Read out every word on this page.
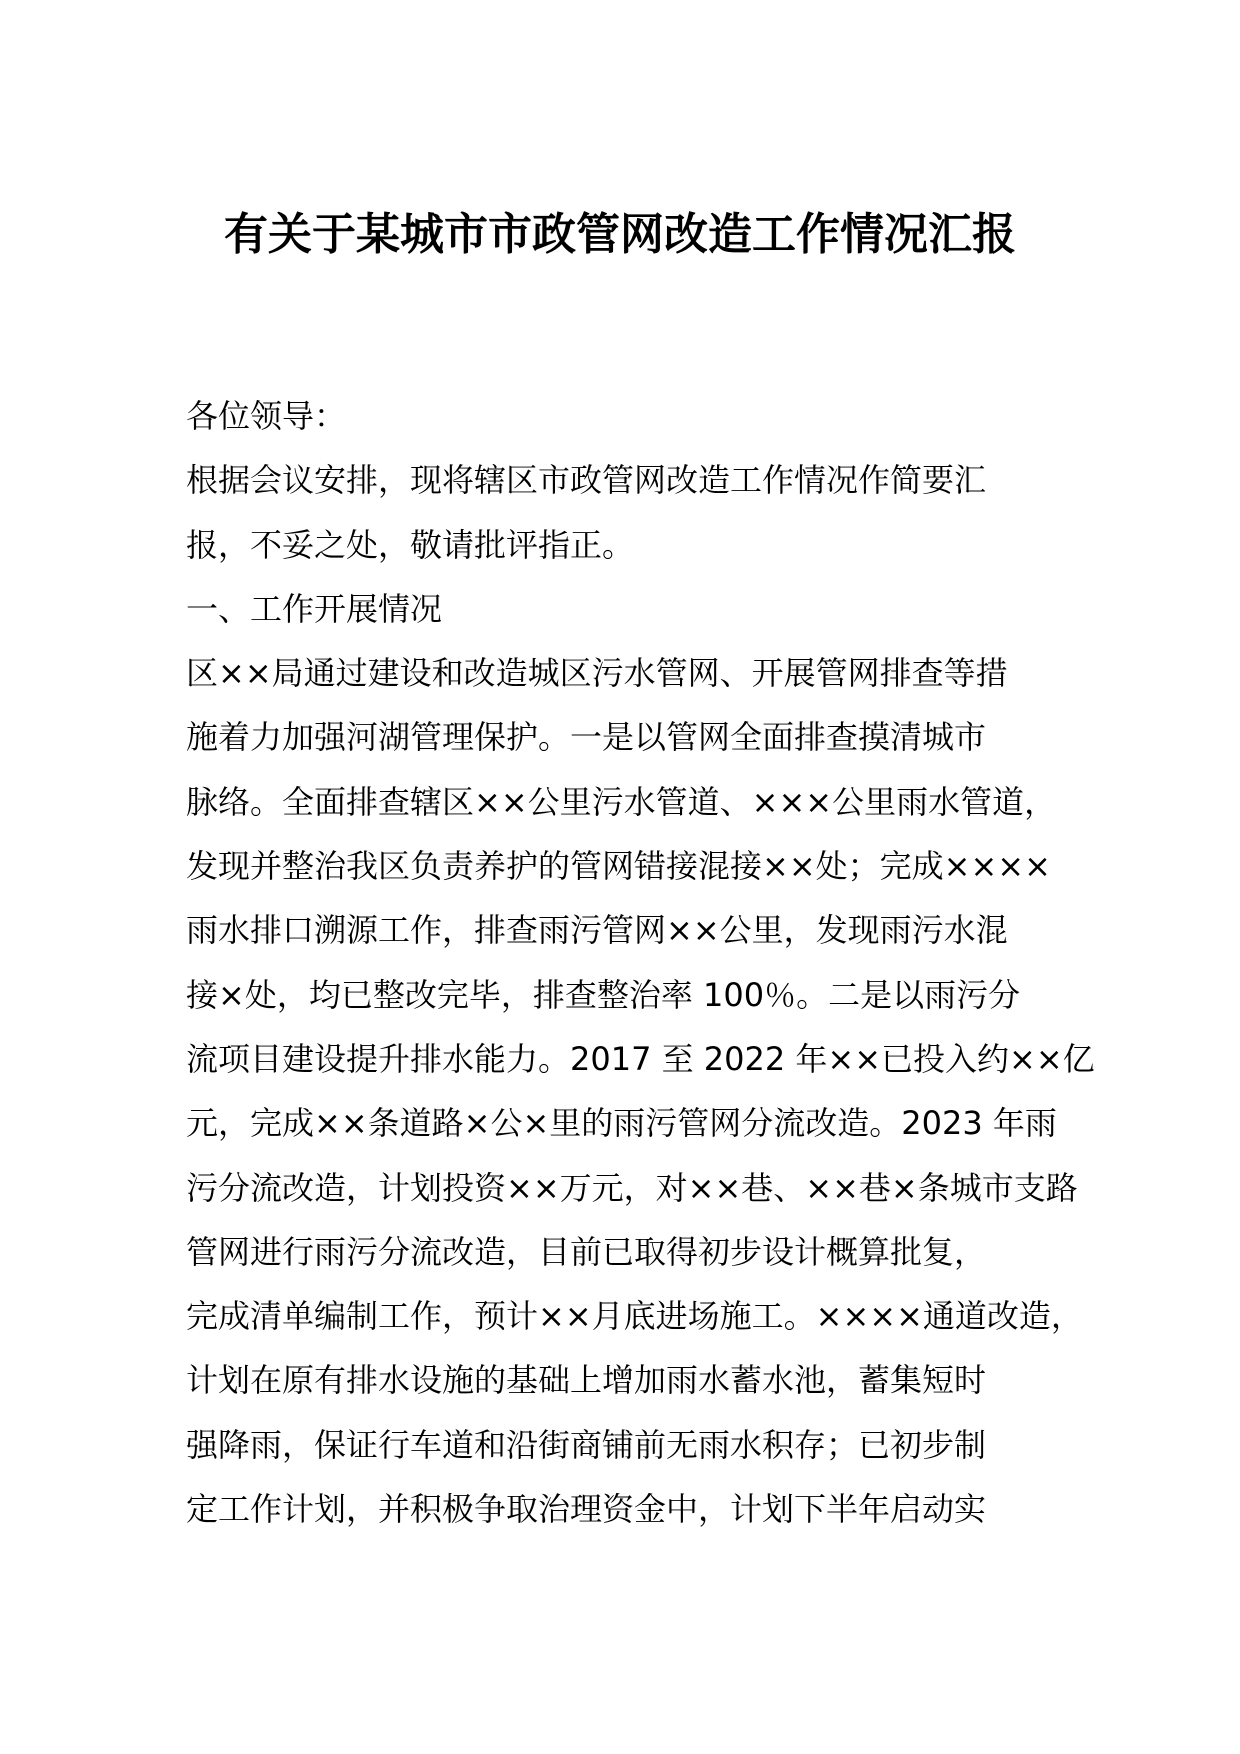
有关于某城市市政管网改造工作情况汇报
各位领导：
根据会议安排，现将辖区市政管网改造工作情况作简要汇
报，不妥之处，敬请批评指正。
一、工作开展情况
区××局通过建设和改造城区污水管网、开展管网排查等措
施着力加强河湖管理保护。一是以管网全面排查摸清城市
脉络。全面排查辖区××公里污水管道、×××公里雨水管道，
发现并整治我区负责养护的管网错接混接××处；完成××××
雨水排口溯源工作，排查雨污管网××公里，发现雨污水混
接×处，均已整改完毕，排查整治率 100％。二是以雨污分
流项目建设提升排水能力。2017 至 2022 年××已投入约××亿
元，完成××条道路×公×里的雨污管网分流改造。2023 年雨
污分流改造，计划投资××万元，对××巷、××巷×条城市支路
管网进行雨污分流改造，目前已取得初步设计概算批复，
完成清单编制工作，预计××月底进场施工。××××通道改造，
计划在原有排水设施的基础上增加雨水蓄水池，蓄集短时
强降雨，保证行车道和沿街商铺前无雨水积存；已初步制
定工作计划，并积极争取治理资金中，计划下半年启动实
